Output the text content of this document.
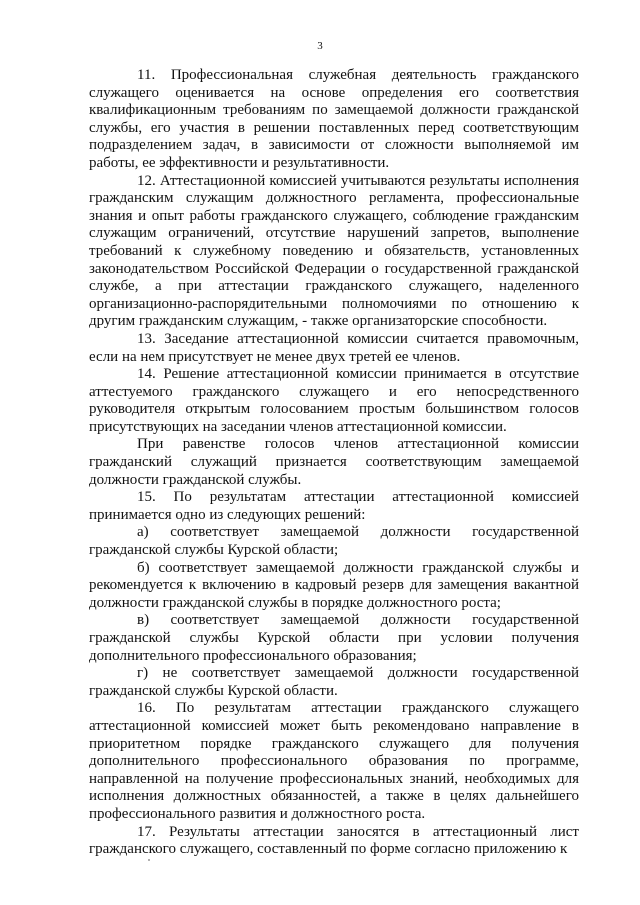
3

11. Профессиональная служебная деятельность гражданского служащего оценивается на основе определения его соответствия квалификационным требованиям по замещаемой должности гражданской службы, его участия в решении поставленных перед соответствующим подразделением задач, в зависимости от сложности выполняемой им работы, ее эффективности и результативности.

12. Аттестационной комиссией учитываются результаты исполнения гражданским служащим должностного регламента, профессиональные знания и опыт работы гражданского служащего, соблюдение гражданским служащим ограничений, отсутствие нарушений запретов, выполнение требований к служебному поведению и обязательств, установленных законодательством Российской Федерации о государственной гражданской службе, а при аттестации гражданского служащего, наделенного организационно-распорядительными полномочиями по отношению к другим гражданским служащим, - также организаторские способности.

13. Заседание аттестационной комиссии считается правомочным, если на нем присутствует не менее двух третей ее членов.

14. Решение аттестационной комиссии принимается в отсутствие аттестуемого гражданского служащего и его непосредственного руководителя открытым голосованием простым большинством голосов присутствующих на заседании членов аттестационной комиссии.

При равенстве голосов членов аттестационной комиссии гражданский служащий признается соответствующим замещаемой должности гражданской службы.

15. По результатам аттестации аттестационной комиссией принимается одно из следующих решений:

а) соответствует замещаемой должности государственной гражданской службы Курской области;

б) соответствует замещаемой должности гражданской службы и рекомендуется к включению в кадровый резерв для замещения вакантной должности гражданской службы в порядке должностного роста;

в) соответствует замещаемой должности государственной гражданской службы Курской области при условии получения дополнительного профессионального образования;

г) не соответствует замещаемой должности государственной гражданской службы Курской области.

16. По результатам аттестации гражданского служащего аттестационной комиссией может быть рекомендовано направление в приоритетном порядке гражданского служащего для получения дополнительного профессионального образования по программе, направленной на получение профессиональных знаний, необходимых для исполнения должностных обязанностей, а также в целях дальнейшего профессионального развития и должностного роста.

17. Результаты аттестации заносятся в аттестационный лист гражданского служащего, составленный по форме согласно приложению к
